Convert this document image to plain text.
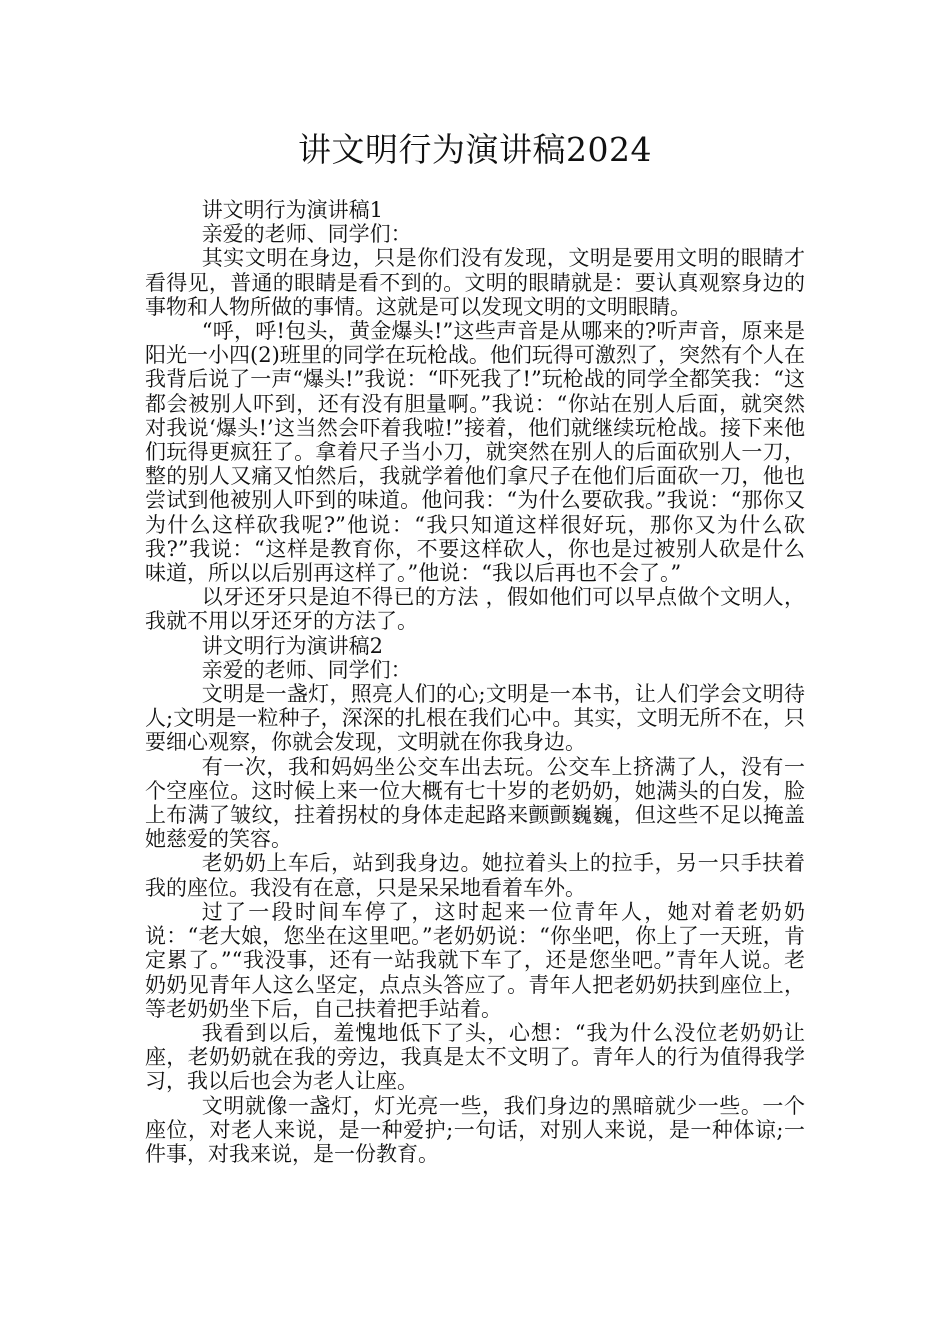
讲文明行为演讲稿2024

讲文明行为演讲稿1

亲爱的老师、同学们：

其实文明在身边，只是你们没有发现，文明是要用文明的眼睛才看得见，普通的眼睛是看不到的。文明的眼睛就是：要认真观察身边的事物和人物所做的事情。这就是可以发现文明的文明眼睛。

“呼，呼!包头，黄金爆头!”这些声音是从哪来的?听声音，原来是阳光一小四(2)班里的同学在玩枪战。他们玩得可激烈了，突然有个人在我背后说了一声“爆头!”我说：“吓死我了!”玩枪战的同学全都笑我：“这都会被别人吓到，还有没有胆量啊。”我说：“你站在别人后面，就突然对我说‘爆头!’这当然会吓着我啦!”接着，他们就继续玩枪战。接下来他们玩得更疯狂了。拿着尺子当小刀，就突然在别人的后面砍别人一刀，整的别人又痛又怕然后，我就学着他们拿尺子在他们后面砍一刀，他也尝试到他被别人吓到的味道。他问我：“为什么要砍我。”我说：“那你又为什么这样砍我呢?”他说：“我只知道这样很好玩，那你又为什么砍我?”我说：“这样是教育你，不要这样砍人，你也是过被别人砍是什么味道，所以以后别再这样了。”他说：“我以后再也不会了。”

以牙还牙只是迫不得已的方法 ，假如他们可以早点做个文明人，我就不用以牙还牙的方法了。

讲文明行为演讲稿2

亲爱的老师、同学们：

文明是一盏灯，照亮人们的心;文明是一本书，让人们学会文明待人;文明是一粒种子，深深的扎根在我们心中。其实，文明无所不在，只要细心观察，你就会发现，文明就在你我身边。

有一次，我和妈妈坐公交车出去玩。公交车上挤满了人，没有一个空座位。这时候上来一位大概有七十岁的老奶奶，她满头的白发，脸上布满了皱纹，拄着拐杖的身体走起路来颤颤巍巍，但这些不足以掩盖她慈爱的笑容。

老奶奶上车后，站到我身边。她拉着头上的拉手，另一只手扶着我的座位。我没有在意，只是呆呆地看着车外。

过了一段时间车停了，这时起来一位青年人，她对着老奶奶说：“老大娘，您坐在这里吧。”老奶奶说：“你坐吧，你上了一天班，肯定累了。”“我没事，还有一站我就下车了，还是您坐吧。”青年人说。老奶奶见青年人这么坚定，点点头答应了。青年人把老奶奶扶到座位上，等老奶奶坐下后，自己扶着把手站着。

我看到以后，羞愧地低下了头，心想：“我为什么没位老奶奶让座，老奶奶就在我的旁边，我真是太不文明了。青年人的行为值得我学习，我以后也会为老人让座。

文明就像一盏灯，灯光亮一些，我们身边的黑暗就少一些。一个座位，对老人来说，是一种爱护;一句话，对别人来说，是一种体谅;一件事，对我来说，是一份教育。
